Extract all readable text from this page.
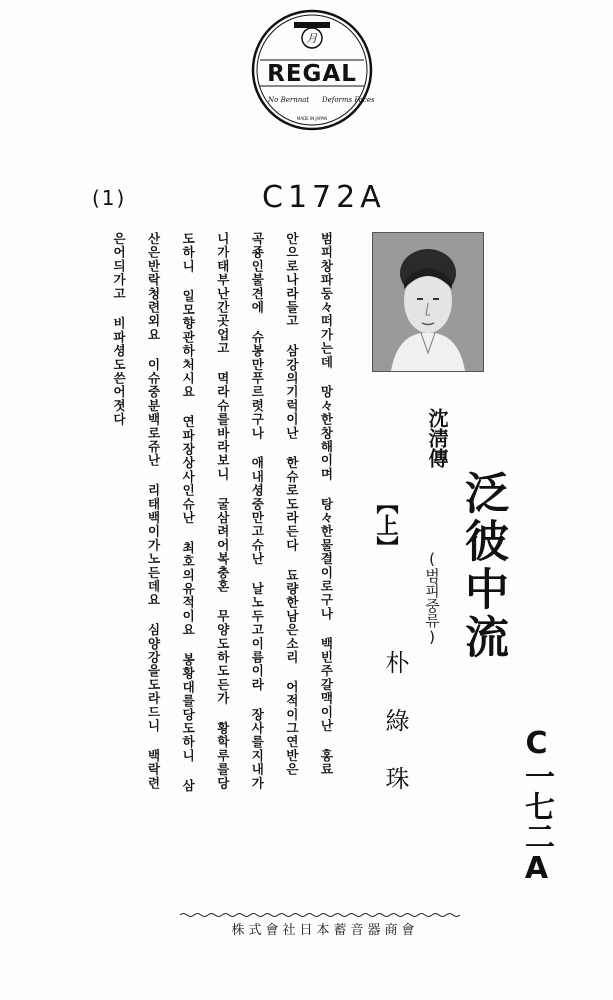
月
REGAL
No Bernnat Deforms Faces
MADE IN JAPAN
(1)	C172A
범피창파둥々떠가는데 망々한창해이며 탕々한물결이로구나 백빈주갈맥이난 홍료
안으로나라들고 삼강의기럭이난 한슈로도라든다 됴량한남은소리 어적이그연반은
곡죵인불견에 슈봉만푸르렷구나 애내셩중만고슈난 날노두고이름이라 장사를지내가
니가태부난간곳업고 멱라슈를바라보니 굴삼려어복충혼 무양도하도든가 황학루를당
도하니 일모향관하처시요 연파장상사인슈난 최호의유적이요 봉황대를당도하니 삼
산은반락청련외요 이슈중분백로쥬난 리태백이가노든데요 심양강을도라드니 백락련
은어듸가고 비파셩도쓴어졋다
沈淸傳
泛彼中流
(범피중류)
【上】
朴綠珠	C一七二A
株式會社日本蓄音器商會
